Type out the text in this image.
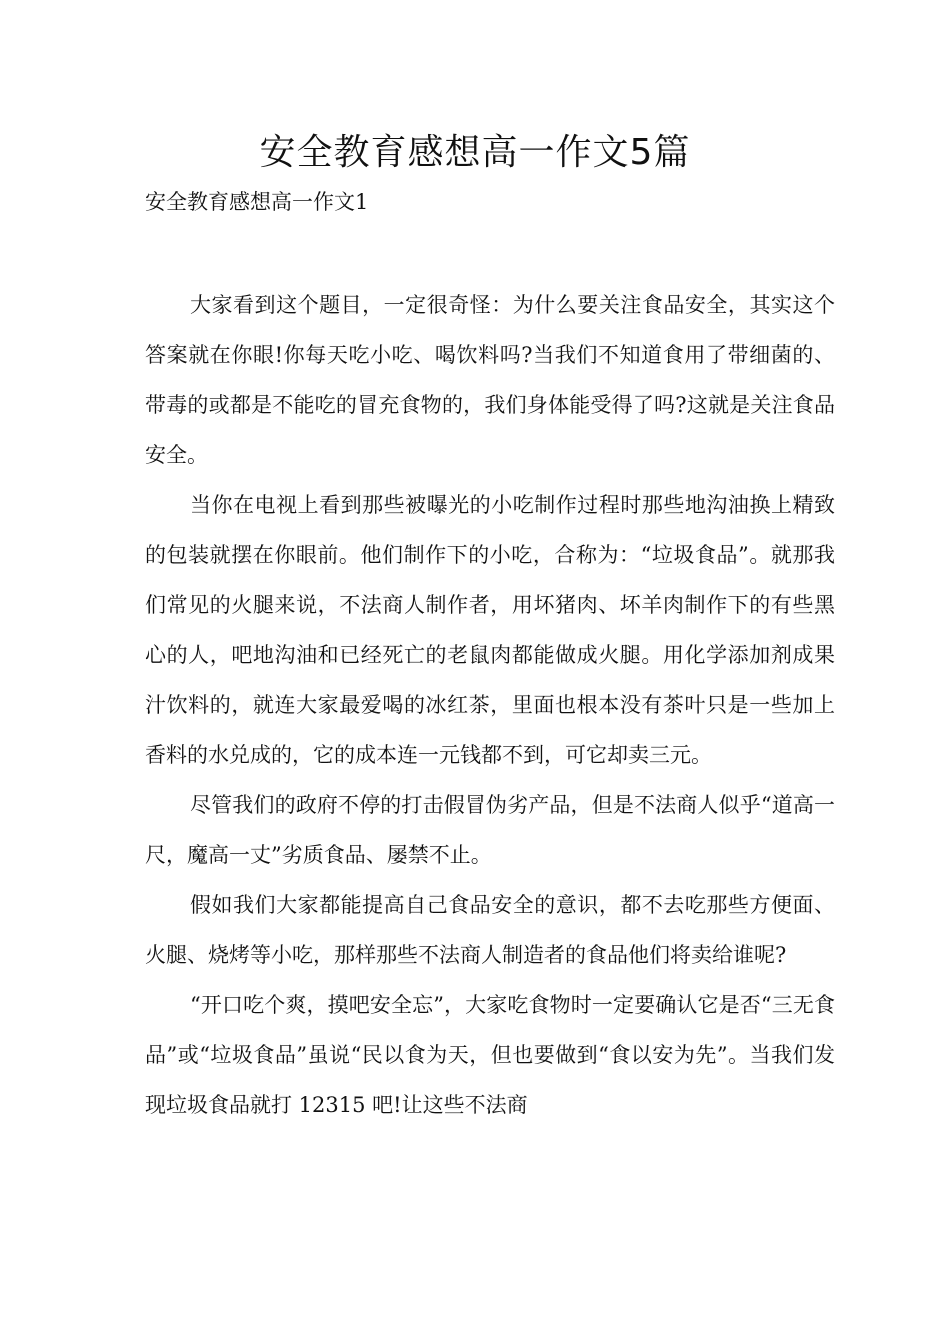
安全教育感想高一作文5篇

安全教育感想高一作文1

大家看到这个题目，一定很奇怪：为什么要关注食品安全，其实这个答案就在你眼!你每天吃小吃、喝饮料吗?当我们不知道食用了带细菌的、带毒的或都是不能吃的冒充食物的，我们身体能受得了吗?这就是关注食品安全。

当你在电视上看到那些被曝光的小吃制作过程时那些地沟油换上精致的包装就摆在你眼前。他们制作下的小吃，合称为：“垃圾食品”。就那我们常见的火腿来说，不法商人制作者，用坏猪肉、坏羊肉制作下的有些黑心的人，吧地沟油和已经死亡的老鼠肉都能做成火腿。用化学添加剂成果汁饮料的，就连大家最爱喝的冰红茶，里面也根本没有茶叶只是一些加上香料的水兑成的，它的成本连一元钱都不到，可它却卖三元。

尽管我们的政府不停的打击假冒伪劣产品，但是不法商人似乎“道高一尺，魔高一丈”劣质食品、屡禁不止。

假如我们大家都能提高自己食品安全的意识，都不去吃那些方便面、火腿、烧烤等小吃，那样那些不法商人制造者的食品他们将卖给谁呢?

“开口吃个爽，摸吧安全忘”，大家吃食物时一定要确认它是否“三无食品”或“垃圾食品”虽说“民以食为天，但也要做到“食以安为先”。当我们发现垃圾食品就打 12315 吧!让这些不法商
